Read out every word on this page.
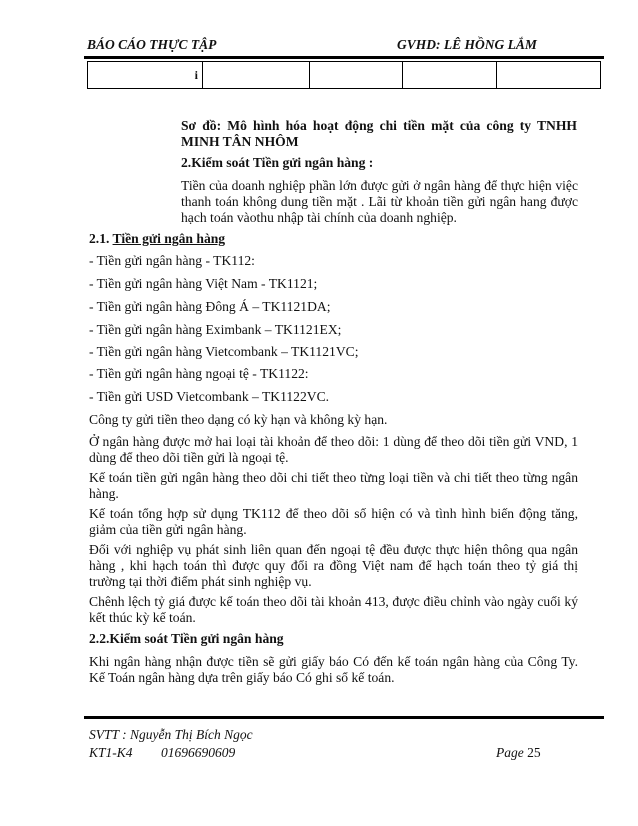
BÁO CÁO THỰC TẬP	GVHD: LÊ HỒNG LẮM
i				
Sơ đồ: Mô hình hóa hoạt động chi tiền mặt của công ty TNHH MINH TÂN NHÔM
2.Kiểm soát Tiền gửi ngân hàng :
Tiền của doanh nghiệp phần lớn được gửi ở ngân hàng để thực hiện việc thanh toán không dung tiền mặt . Lãi từ khoản tiền gửi ngân hang được hạch toán vàothu nhập tài chính của doanh nghiệp.
2.1. Tiền gửi ngân hàng
- Tiền gửi ngân hàng - TK112:
- Tiền gửi ngân hàng Việt Nam - TK1121;
- Tiền gửi ngân hàng Đông Á – TK1121DA;
- Tiền gửi ngân hàng Eximbank – TK1121EX;
- Tiền gửi ngân hàng Vietcombank – TK1121VC;
- Tiền gửi ngân hàng ngoại tệ - TK1122:
- Tiền gửi USD Vietcombank – TK1122VC.
Công ty gửi tiền theo dạng có kỳ hạn và không kỳ hạn.
Ở ngân hàng được mở hai loại tài khoản để theo dõi: 1 dùng để theo dõi tiền gửi VND, 1 dùng để theo dõi tiền gửi là ngoại tệ.
Kế toán tiền gửi ngân hàng theo dõi chi tiết theo từng loại tiền và chi tiết theo từng ngân hàng.
Kế toán tổng hợp sử dụng TK112 để theo dõi số hiện có và tình hình biến động tăng, giảm của tiền gửi ngân hàng.
Đối với nghiệp vụ phát sinh liên quan đến ngoại tệ đều được thực hiện thông qua ngân hàng , khi hạch toán thì được quy đổi ra đồng Việt nam để hạch toán theo tỷ giá thị trường tại thời điểm phát sinh nghiệp vụ.
Chênh lệch tỷ giá được kế toán theo dõi tài khoản 413, được điều chỉnh vào ngày cuối ký kết thúc kỳ kế toán.
2.2.Kiểm soát Tiền gửi ngân hàng
Khi ngân hàng nhận được tiền sẽ gửi giấy báo Có đến kế toán ngân hàng của Công Ty. Kế Toán ngân hàng dựa trên giấy báo Có ghi sổ kế toán.
SVTT : Nguyễn Thị Bích Ngọc
KT1-K4 01696690609	Page 25
